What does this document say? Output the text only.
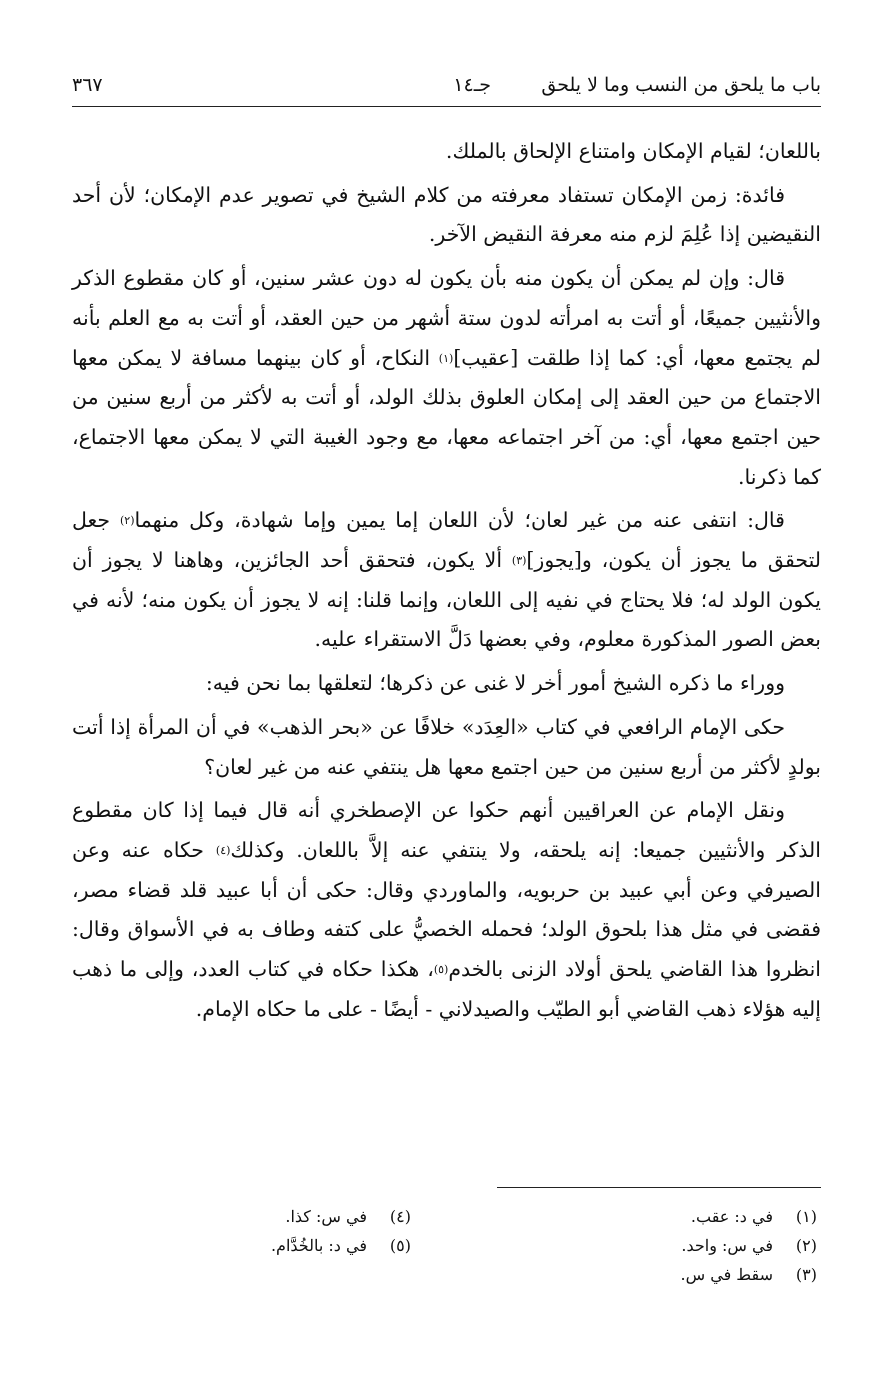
باب ما يلحق من النسب وما لا يلحق
جـ١٤
٣٦٧

باللعان؛ لقيام الإمكان وامتناع الإلحاق بالملك.

فائدة: زمن الإمكان تستفاد معرفته من كلام الشيخ في تصوير عدم الإمكان؛ لأن أحد النقيضين إذا عُلِمَ لزم منه معرفة النقيض الآخر.

قال: وإن لم يمكن أن يكون منه بأن يكون له دون عشر سنين، أو كان مقطوع الذكر والأنثيين جميعًا، أو أتت به امرأته لدون ستة أشهر من حين العقد، أو أتت به مع العلم بأنه لم يجتمع معها، أي: كما إذا طلقت [عقيب]$^{(١)}$ النكاح، أو كان بينهما مسافة لا يمكن معها الاجتماع من حين العقد إلى إمكان العلوق بذلك الولد، أو أتت به لأكثر من أربع سنين من حين اجتمع معها، أي: من آخر اجتماعه معها، مع وجود الغيبة التي لا يمكن معها الاجتماع، كما ذكرنا.

قال: انتفى عنه من غير لعان؛ لأن اللعان إما يمين وإما شهادة، وكل منهما$^{(٢)}$ جعل لتحقق ما يجوز أن يكون، و[يجوز]$^{(٣)}$ ألا يكون، فتحقق أحد الجائزين، وهاهنا لا يجوز أن يكون الولد له؛ فلا يحتاج في نفيه إلى اللعان، وإنما قلنا: إنه لا يجوز أن يكون منه؛ لأنه في بعض الصور المذكورة معلوم، وفي بعضها دَلَّ الاستقراء عليه.

ووراء ما ذكره الشيخ أمور أخر لا غنى عن ذكرها؛ لتعلقها بما نحن فيه:

حكى الإمام الرافعي في كتاب «العِدَد» خلافًا عن «بحر الذهب» في أن المرأة إذا أتت بولدٍ لأكثر من أربع سنين من حين اجتمع معها هل ينتفي عنه من غير لعان؟

ونقل الإمام عن العراقيين أنهم حكوا عن الإصطخري أنه قال فيما إذا كان مقطوع الذكر والأنثيين جميعا: إنه يلحقه، ولا ينتفي عنه إلاَّ باللعان. وكذلك$^{(٤)}$ حكاه عنه وعن الصيرفي وعن أبي عبيد بن حربويه، والماوردي وقال: حكى أن أبا عبيد قلد قضاء مصر، فقضى في مثل هذا بلحوق الولد؛ فحمله الخصيُّ على كتفه وطاف به في الأسواق وقال: انظروا هذا القاضي يلحق أولاد الزنى بالخدم$^{(٥)}$، هكذا حكاه في كتاب العدد، وإلى ما ذهب إليه هؤلاء ذهب القاضي أبو الطيّب والصيدلاني - أيضًا - على ما حكاه الإمام.

(١)في د: عقب.
(٢)في س: واحد.
(٣)سقط في س.
(٤)في س: كذا.
(٥)في د: بالخُدَّام.
